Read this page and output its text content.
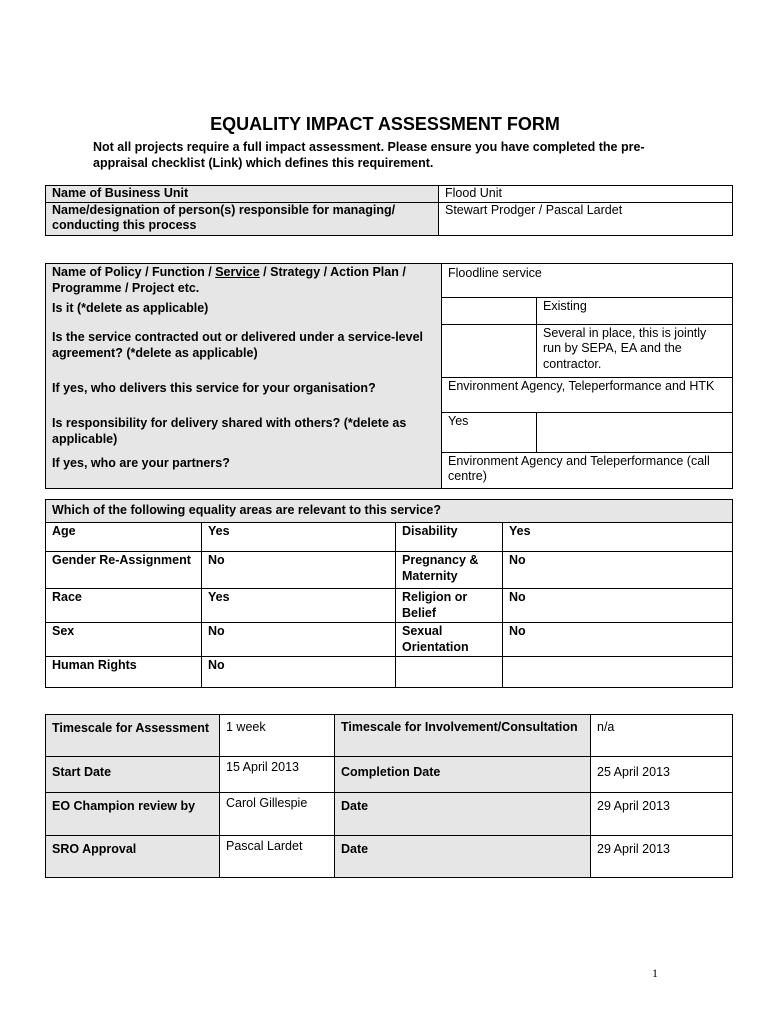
EQUALITY IMPACT ASSESSMENT FORM
Not all projects require a full impact assessment. Please ensure you have completed the pre-appraisal checklist (Link) which defines this requirement.
Name of Business Unit	Flood Unit
Name/designation of person(s) responsible for managing/ conducting this process	Stewart Prodger / Pascal Lardet
Name of Policy / Function / Service / Strategy / Action Plan / Programme / Project etc.	Floodline service	
Is it (*delete as applicable)		Existing
Is the service contracted out or delivered under a service-level agreement? (*delete as applicable)		Several in place, this is jointly run by SEPA, EA and the contractor.
If yes, who delivers this service for your organisation?	Environment Agency, Teleperformance and HTK	
Is responsibility for delivery shared with others? (*delete as applicable)	Yes	
If yes, who are your partners?	Environment Agency and Teleperformance (call centre)	
Which of the following equality areas are relevant to this service?			
Age	Yes	Disability	Yes
Gender Re-Assignment	No	Pregnancy & Maternity	No
Race	Yes	Religion or Belief	No
Sex	No	Sexual Orientation	No
Human Rights	No		
Timescale for Assessment	1 week	Timescale for Involvement/Consultation	n/a
Start Date	15 April 2013	Completion Date	25 April 2013
EO Champion review by	Carol Gillespie	Date	29 April 2013
SRO Approval	Pascal Lardet	Date	29 April 2013
1
